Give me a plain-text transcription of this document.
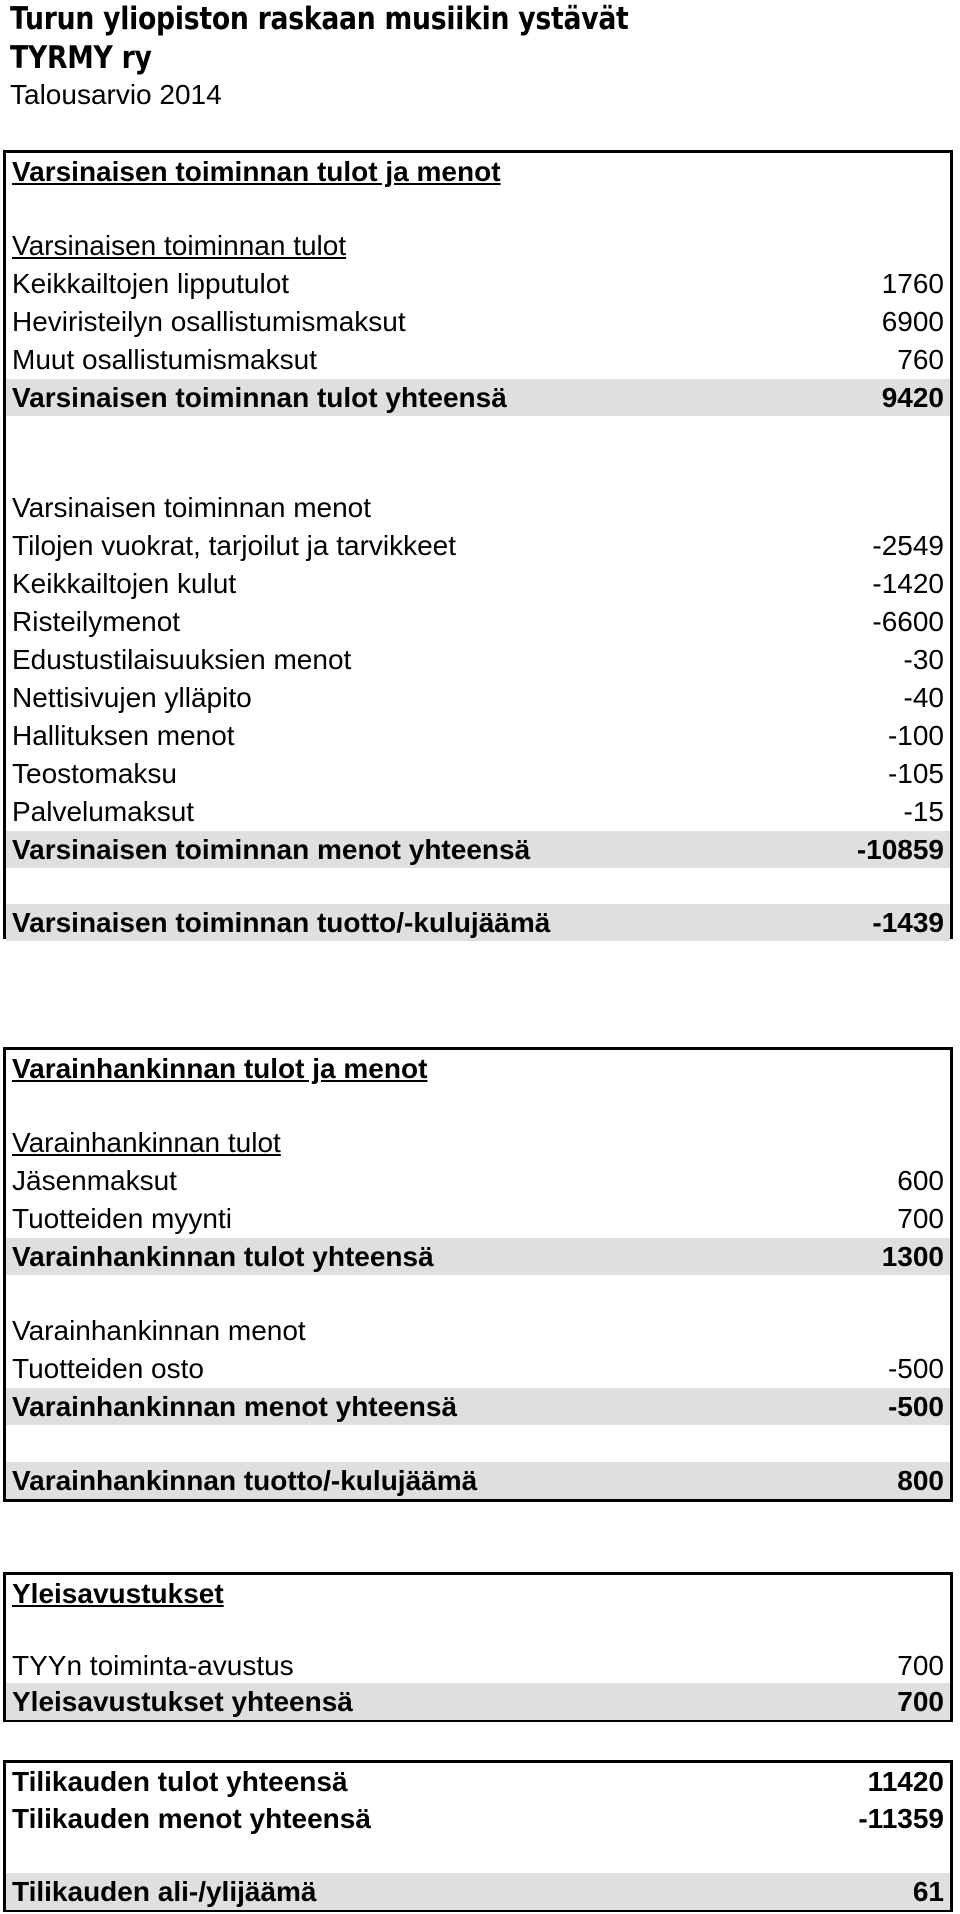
Turun yliopiston raskaan musiikin ystävät
TYRMY ry
Talousarvio 2014
Varsinaisen toiminnan tulot ja menot
Varsinaisen toiminnan tulot
Keikkailtojen lipputulot	1760
Heviristeilyn osallistumismaksut	6900
Muut osallistumismaksut	760
Varsinaisen toiminnan tulot yhteensä	9420
Varsinaisen toiminnan menot
Tilojen vuokrat, tarjoilut ja tarvikkeet	-2549
Keikkailtojen kulut	-1420
Risteilymenot	-6600
Edustustilaisuuksien menot	-30
Nettisivujen ylläpito	-40
Hallituksen menot	-100
Teostomaksu	-105
Palvelumaksut	-15
Varsinaisen toiminnan menot yhteensä	-10859
Varsinaisen toiminnan tuotto/-kulujäämä	-1439
Varainhankinnan tulot ja menot
Varainhankinnan tulot
Jäsenmaksut	600
Tuotteiden myynti	700
Varainhankinnan tulot yhteensä	1300
Varainhankinnan menot
Tuotteiden osto	-500
Varainhankinnan menot yhteensä	-500
Varainhankinnan tuotto/-kulujäämä	800
Yleisavustukset
TYYn toiminta-avustus	700
Yleisavustukset yhteensä	700
Tilikauden tulot yhteensä	11420
Tilikauden menot yhteensä	-11359
Tilikauden ali-/ylijäämä	61
